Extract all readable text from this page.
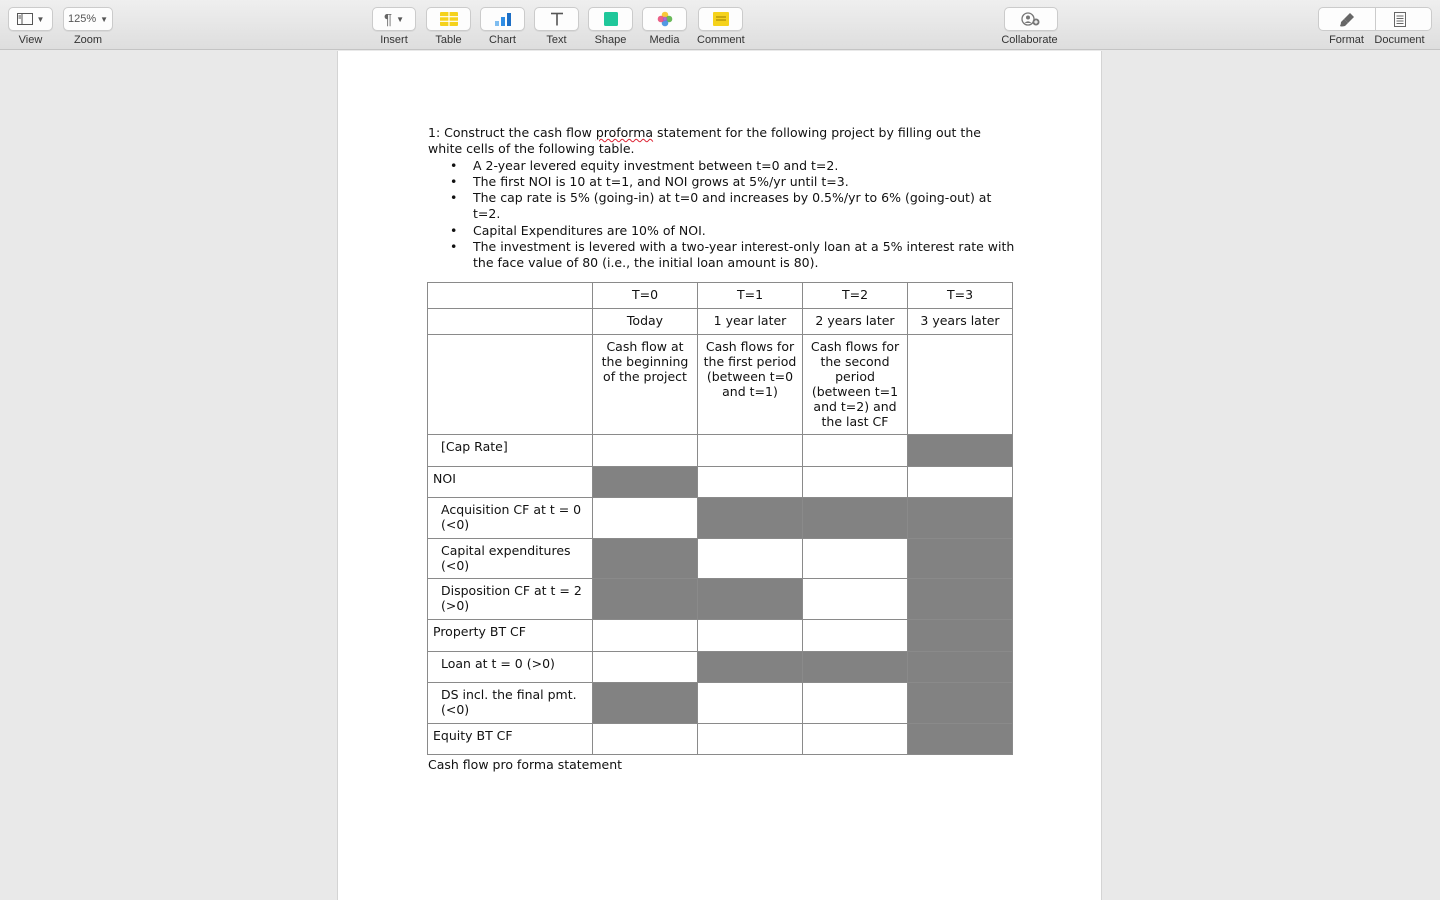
▼
View
125% ▼
Zoom
¶ ▼
Insert	Table Chart	Text	Shape Media Comment	Collaborate	Format Document

1: Construct the cash flow proforma statement for the following project by filling out the white cells of the following table.

• A 2-year levered equity investment between t=0 and t=2.
• The first NOI is 10 at t=1, and NOI grows at 5%/yr until t=3.
• The cap rate is 5% (going-in) at t=0 and increases by 0.5%/yr to 6% (going-out) at t=2.
• Capital Expenditures are 10% of NOI.
• The investment is levered with a two-year interest-only loan at a 5% interest rate with the face value of 80 (i.e., the initial loan amount is 80).
	T=0	T=1	T=2	T=3
	Today	1 year later	2 years later	3 years later
	Cash flow at the beginning of the project	Cash flows for the first period (between t=0 and t=1)	Cash flows for the second period (between t=1 and t=2) and the last CF	
[Cap Rate]				
NOI				
Acquisition CF at t = 0 (<0)				
Capital expenditures (<0)				
Disposition CF at t = 2 (>0)				
Property BT CF				
Loan at t = 0 (>0)				
DS incl. the final pmt. (<0)				
Equity BT CF				
Cash flow pro forma statement
